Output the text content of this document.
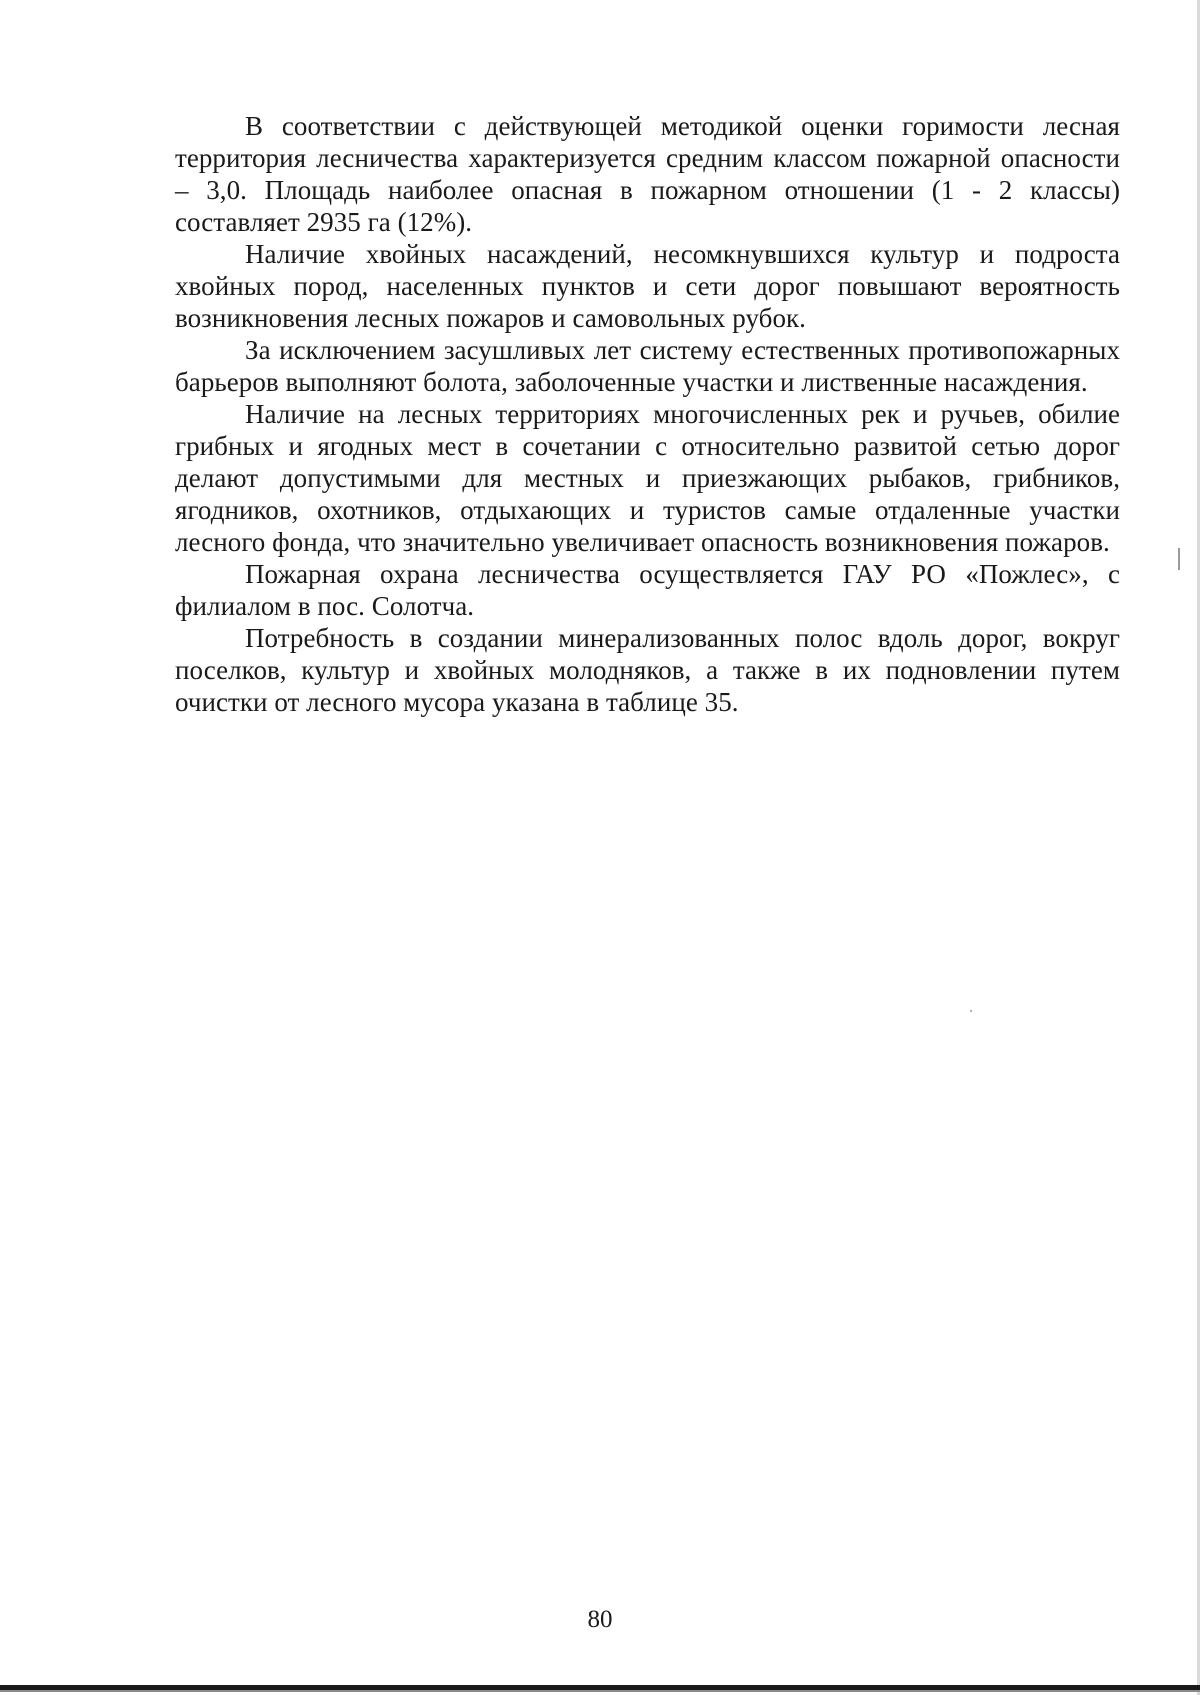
В соответствии с действующей методикой оценки горимости лесная территория лесничества характеризуется средним классом пожарной опасности – 3,0. Площадь наиболее опасная в пожарном отношении (1 - 2 классы) составляет 2935 га (12%).

Наличие хвойных насаждений, несомкнувшихся культур и подроста хвойных пород, населенных пунктов и сети дорог повышают вероятность возникновения лесных пожаров и самовольных рубок.

За исключением засушливых лет систему естественных противопожарных барьеров выполняют болота, заболоченные участки и лиственные насаждения.

Наличие на лесных территориях многочисленных рек и ручьев, обилие грибных и ягодных мест в сочетании с относительно развитой сетью дорог делают допустимыми для местных и приезжающих рыбаков, грибников, ягодников, охотников, отдыхающих и туристов самые отдаленные участки лесного фонда, что значительно увеличивает опасность возникновения пожаров.

Пожарная охрана лесничества осуществляется ГАУ РО «Пожлес», с филиалом в пос. Солотча.

Потребность в создании минерализованных полос вдоль дорог, вокруг поселков, культур и хвойных молодняков, а также в их подновлении путем очистки от лесного мусора указана в таблице 35.

80
